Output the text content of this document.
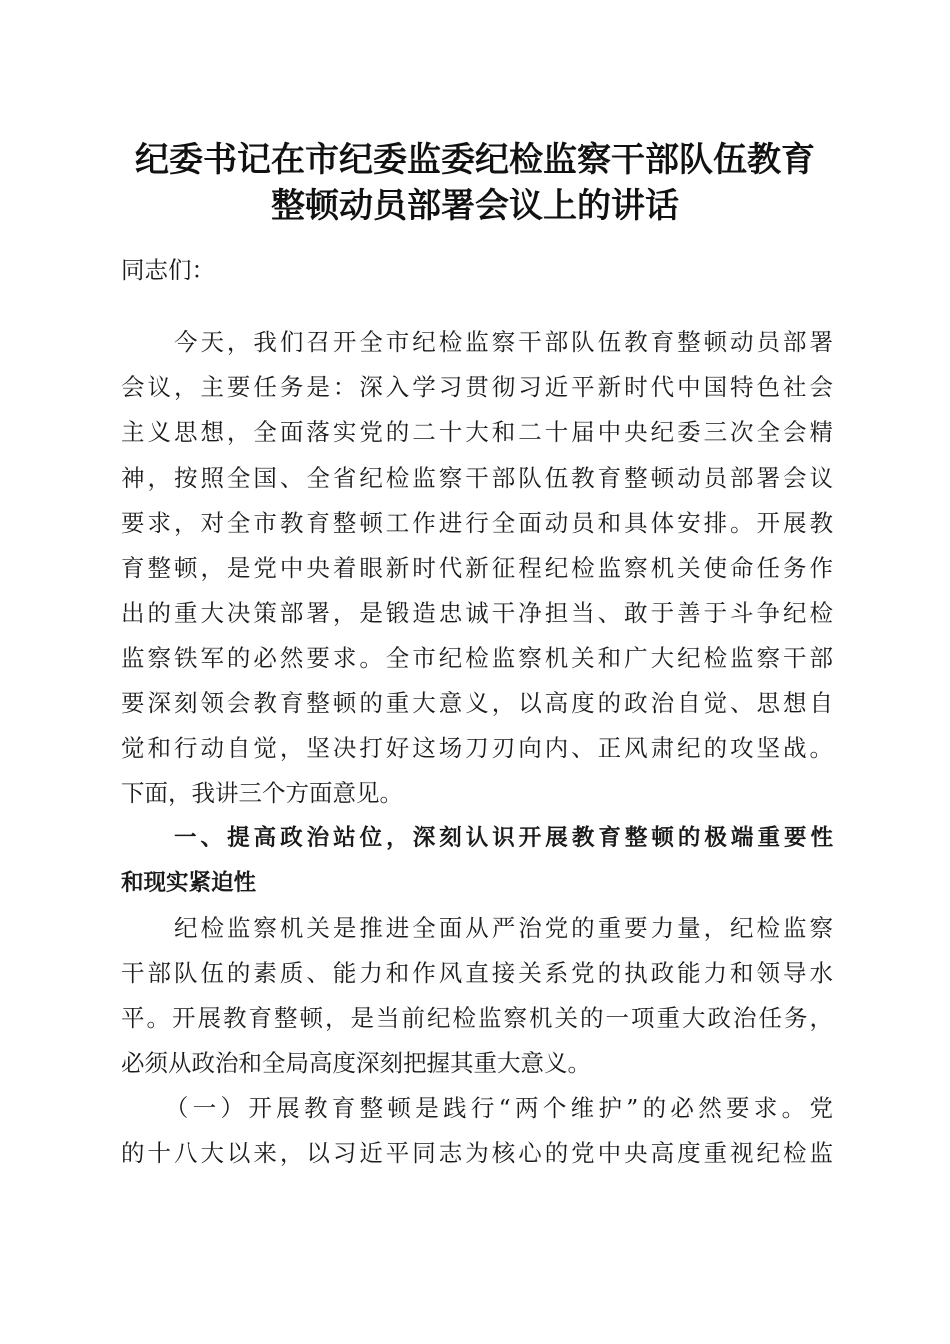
纪委书记在市纪委监委纪检监察干部队伍教育
整顿动员部署会议上的讲话
同志们：
　　今天，我们召开全市纪检监察干部队伍教育整顿动员部署
会议，主要任务是：深入学习贯彻习近平新时代中国特色社会
主义思想，全面落实党的二十大和二十届中央纪委三次全会精
神，按照全国、全省纪检监察干部队伍教育整顿动员部署会议
要求，对全市教育整顿工作进行全面动员和具体安排。开展教
育整顿，是党中央着眼新时代新征程纪检监察机关使命任务作
出的重大决策部署，是锻造忠诚干净担当、敢于善于斗争纪检
监察铁军的必然要求。全市纪检监察机关和广大纪检监察干部
要深刻领会教育整顿的重大意义，以高度的政治自觉、思想自
觉和行动自觉，坚决打好这场刀刃向内、正风肃纪的攻坚战。
下面，我讲三个方面意见。
　　一、提高政治站位，深刻认识开展教育整顿的极端重要性
和现实紧迫性
　　纪检监察机关是推进全面从严治党的重要力量，纪检监察
干部队伍的素质、能力和作风直接关系党的执政能力和领导水
平。开展教育整顿，是当前纪检监察机关的一项重大政治任务，
必须从政治和全局高度深刻把握其重大意义。
　　（一）开展教育整顿是践行“两个维护”的必然要求。党
的十八大以来，以习近平同志为核心的党中央高度重视纪检监
